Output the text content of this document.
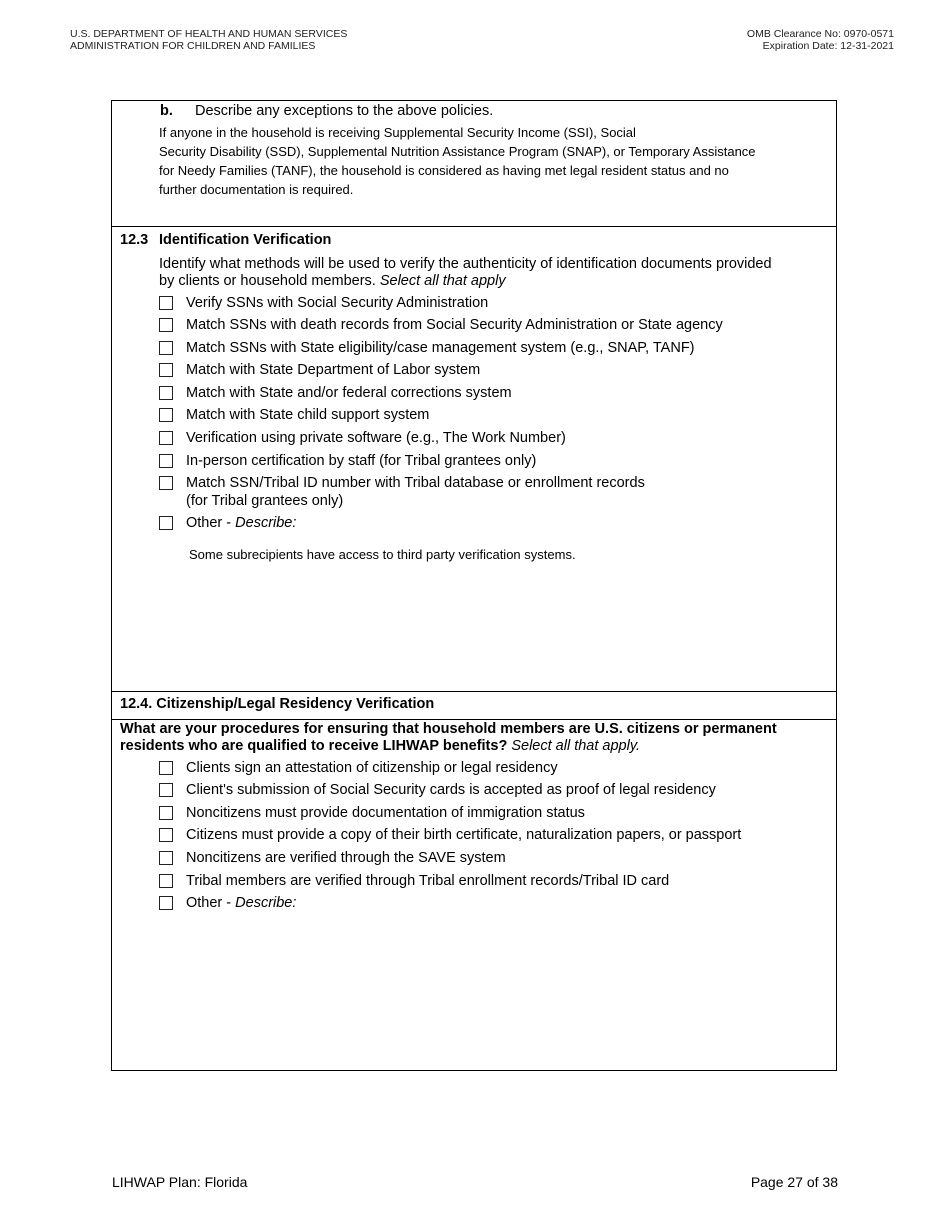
U.S. DEPARTMENT OF HEALTH AND HUMAN SERVICES
ADMINISTRATION FOR CHILDREN AND FAMILIES
OMB Clearance No: 0970-0571
Expiration Date: 12-31-2021
b. Describe any exceptions to the above policies.
If anyone in the household is receiving Supplemental Security Income (SSI), Social
Security Disability (SSD), Supplemental Nutrition Assistance Program (SNAP), or Temporary Assistance
for Needy Families (TANF), the household is considered as having met legal resident status and no
further documentation is required.
12.3 Identification Verification
Identify what methods will be used to verify the authenticity of identification documents provided
by clients or household members. Select all that apply
Verify SSNs with Social Security Administration
Match SSNs with death records from Social Security Administration or State agency
Match SSNs with State eligibility/case management system (e.g., SNAP, TANF)
Match with State Department of Labor system
Match with State and/or federal corrections system
Match with State child support system
Verification using private software (e.g., The Work Number)
In-person certification by staff (for Tribal grantees only)
Match SSN/Tribal ID number with Tribal database or enrollment records
(for Tribal grantees only)
Other - Describe:
Some subrecipients have access to third party verification systems.
12.4. Citizenship/Legal Residency Verification
What are your procedures for ensuring that household members are U.S. citizens or permanent
residents who are qualified to receive LIHWAP benefits? Select all that apply.
Clients sign an attestation of citizenship or legal residency
Client's submission of Social Security cards is accepted as proof of legal residency
Noncitizens must provide documentation of immigration status
Citizens must provide a copy of their birth certificate, naturalization papers, or passport
Noncitizens are verified through the SAVE system
Tribal members are verified through Tribal enrollment records/Tribal ID card
Other - Describe:
LIHWAP Plan: Florida	Page 27 of 38
